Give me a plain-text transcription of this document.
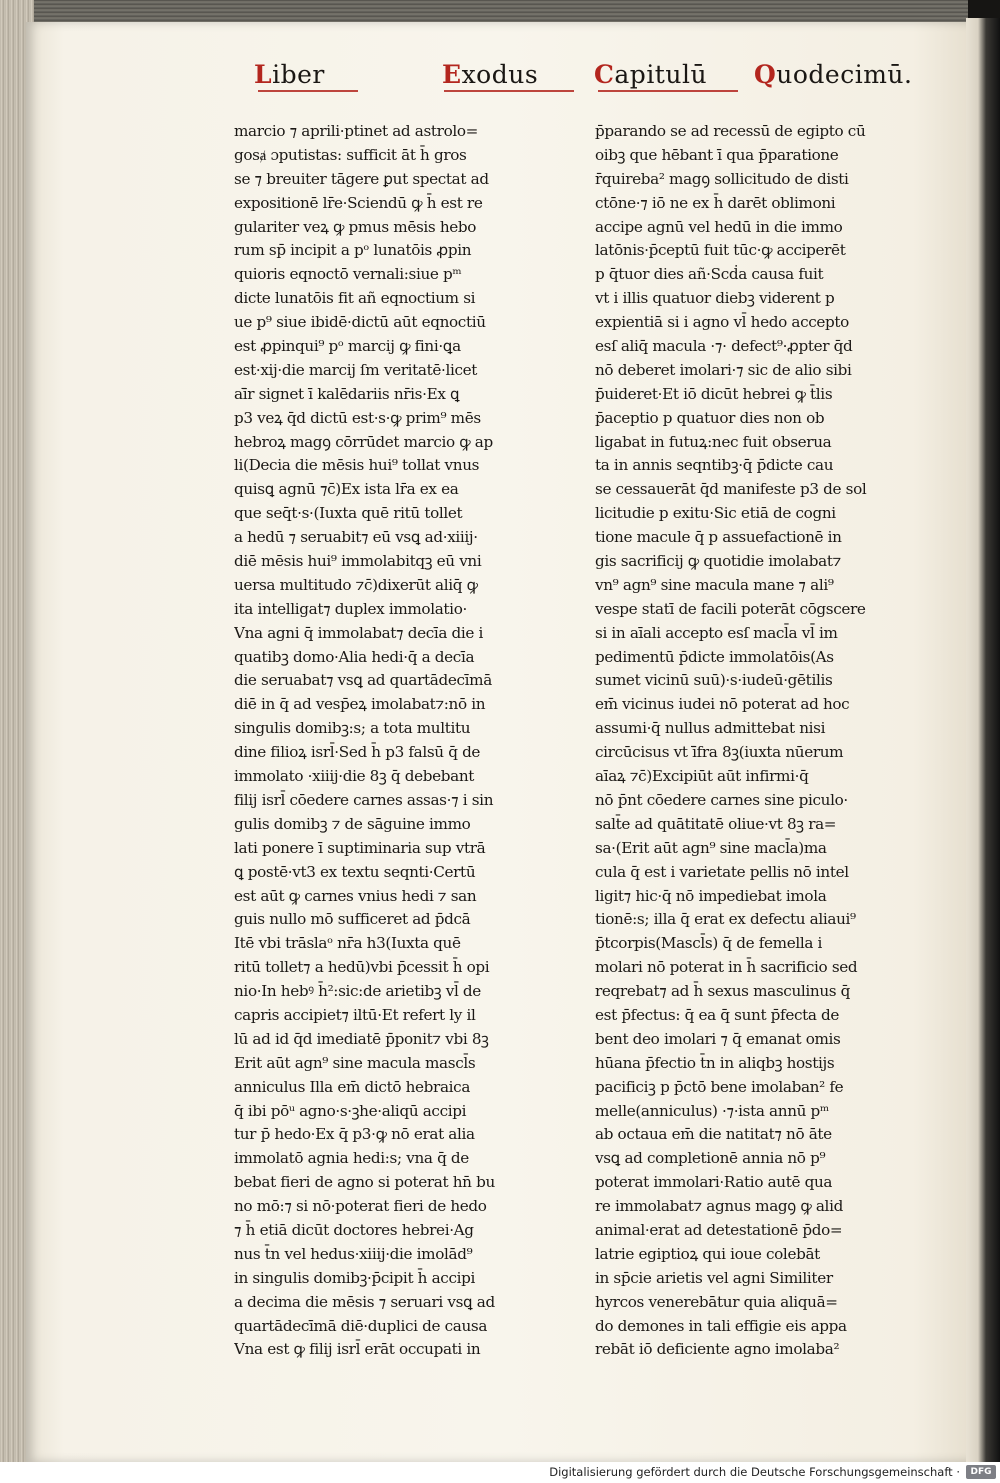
Liber	Exodus Capitulū Quodecimū.
marcio ⁊ aprili·ptinet ad astrolo=
gosⱥ ɔputistas: sufficit āt h̄ gros
se ⁊ breuiter tāgere ꝑut spectat ad
expositionē lr̄e·Sciendū ꝙ h̄ est re
gulariter veꝝ ꝙ pmus mēsis hebo
rum sp̄ incipit a pᵒ lunatōis ꝓpin
quioris eqnoctō vernali:siue pᵐ
dicte lunatōis fit añ eqnoctium si
ue p⁹ siue ibidē·dictū aūt eqnoctiū
est ꝓpinqui⁹ pᵒ marcij ꝙ fini·ꝗa
est·xij·die marcij ſm veritatē·licet
aī̄r signet ī kalēdariis nr̄is·Ex ꝗ
p3 veꝝ q̄d dictū est·s·ꝙ prim⁹ mēs
hebroꝝ magꝯ cōrrūdet marcio ꝙ ap
li(Decia die mēsis hui⁹ tollat vnus
quisꝗ agnū ⁊c̄)Ex ista lr̄a ex ea
que seq̄t·s·(Iuxta quē ritū tollet
a hedū ⁊ seruabit⁊ eū vsꝗ ad·xiiij·
diē mēsis hui⁹ immolabitqꝫ eū vni
uersa multitudo ⁊c̄)dixerūt aliq̄ ꝙ
ita intelligat⁊ duplex immolatio·
Vna agni q̄ immolabat⁊ decīa die i
quatibꝫ domo·Alia hedi·q̄ a decīa
die seruabat⁊ vsꝗ ad quartādecīmā
diē in q̄ ad vesp̄eꝝ imolabat⁊:nō in
singulis domibꝫ:s; a tota multitu
dine filioꝝ isrl̄·Sed h̄ p3 falsū q̄ de
immolato ·xiiij·die 8ꝫ q̄ debebant
filij isrl̄ cōedere carnes assas·⁊ i sin
gulis domibꝫ ⁊ de sāguine immo
lati ponere ī suptiminaria sup vtrā
ꝗ postē·vt3 ex textu seqnti·Certū
est aūt ꝙ carnes vnius hedi ⁊ san
guis nullo mō sufficeret ad p̄dcā
Itē vbi trāslaᵒ nr̄a h3(Iuxta quē
ritū tollet⁊ a hedū)vbi p̄cessit h̄ opi
nio·In hebꝰ h̄²:sic:de arietibꝫ vl̄ de
capris accipiet⁊ iltū·Et refert ly il
lū ad id q̄d imediatē p̄ponit⁊ vbi 8ꝫ
Erit aūt agn⁹ sine macula mascl̄s
anniculus Illa em̄ dictō hebraica
q̄ ibi pōᵘ agno·s·ꝫhe·aliqū accipi
tur p̄ hedo·Ex q̄ p3·ꝙ nō erat alia
immolatō agnia hedi:s; vna q̄ de
bebat fieri de agno si poterat hn̄ bu
no mō:⁊ si nō·poterat fieri de hedo
⁊ h̄ etiā dicūt doctores hebrei·Ag
nus t̄n vel hedus·xiiij·die imolād⁹
in singulis domibꝫ·p̄cipit h̄ accipi
a decima die mēsis ⁊ seruari vsꝗ ad
quartādecīmā diē·duplici de causa
Vna est ꝙ filij isrl̄ erāt occupati in
p̄parando se ad recessū de egipto cū
oibꝫ que hēbant ī qua p̄paratione
r̄quireba² magꝯ sollicitudo de disti
ctōne·⁊ iō ne ex h̄ darēt oblimoni
accipe agnū vel hedū in die immo
latōnis·p̄ceptū fuit tūc·ꝙ acciperēt
p q̄tuor dies añ·Scḋa causa fuit
vt i illis quatuor diebꝫ viderent p
expientiā si i agno vl̄ hedo accepto
esſ aliq̄ macula ·⁊· defect⁹·ꝓpter q̄d
nō deberet imolari·⁊ sic de alio sibi
p̄uideret·Et iō dicūt hebrei ꝙ t̄lis
p̄aceptio p quatuor dies non ob
ligabat in futuꝝ:nec fuit obserua
ta in annis seqntibꝫ·q̄ p̄dicte cau
se cessauerāt q̄d manifeste p3 de sol
licitudie p exitu·Sic etiā de cogni
tione macule q̄ p assuefactionē in
gis sacrificij ꝙ quotidie imolabat⁊
vn⁹ agn⁹ sine macula mane ⁊ ali⁹
vespe statī de facili poterāt cōgscere
si in aīali accepto esſ macl̄a vl̄ im
pedimentū p̄dicte immolatōis(As
sumet vicinū suū)·s·iudeū·gētilis
em̄ vicinus iudei nō poterat ad hoc
assumi·q̄ nullus admittebat nisi
circūcisus vt ī̄fra 8ꝫ(iuxta nūerum
aīaꝝ ⁊c̄)Excipiūt aūt infirmi·q̄
nō p̄nt cōedere carnes sine piculo·
salt̄e ad quātitatē oliue·vt 8ꝫ ra=
sa·(Erit aūt agn⁹ sine macl̄a)ma
cula q̄ est i varietate pellis nō intel
ligit⁊ hic·q̄ nō impediebat imola
tionē:s; illa q̄ erat ex defectu aliaui⁹
p̄tcorpis(Mascl̄s) q̄ de femella i
molari nō poterat in h̄ sacrificio sed
reqrebat⁊ ad h̄ sexus masculinus q̄
est p̄fectus: q̄ ea q̄ sunt p̄fecta de
bent deo imolari ⁊ q̄ emanat omis
hūana p̄fectio t̄n in aliqbꝫ hostijs
pacificiꝫ p p̄ctō bene imolaban² fe
melle(anniculus) ·⁊·ista annū pᵐ
ab octaua em̄ die natitat⁊ nō āte
vsꝗ ad completionē annia nō p⁹
poterat immolari·Ratio autē qua
re immolabat⁊ agnus magꝯ ꝙ alid
animal·erat ad detestationē p̄do=
latrie egiptioꝝ qui ioue colebāt
in sp̄cie arietis vel agni Similiter
hyrcos venerebātur quia aliquā=
do demones in tali effigie eis appa
rebāt iō deficiente agno imolaba²
Digitalisierung gefördert durch die Deutsche Forschungsgemeinschaft ·	DFG
